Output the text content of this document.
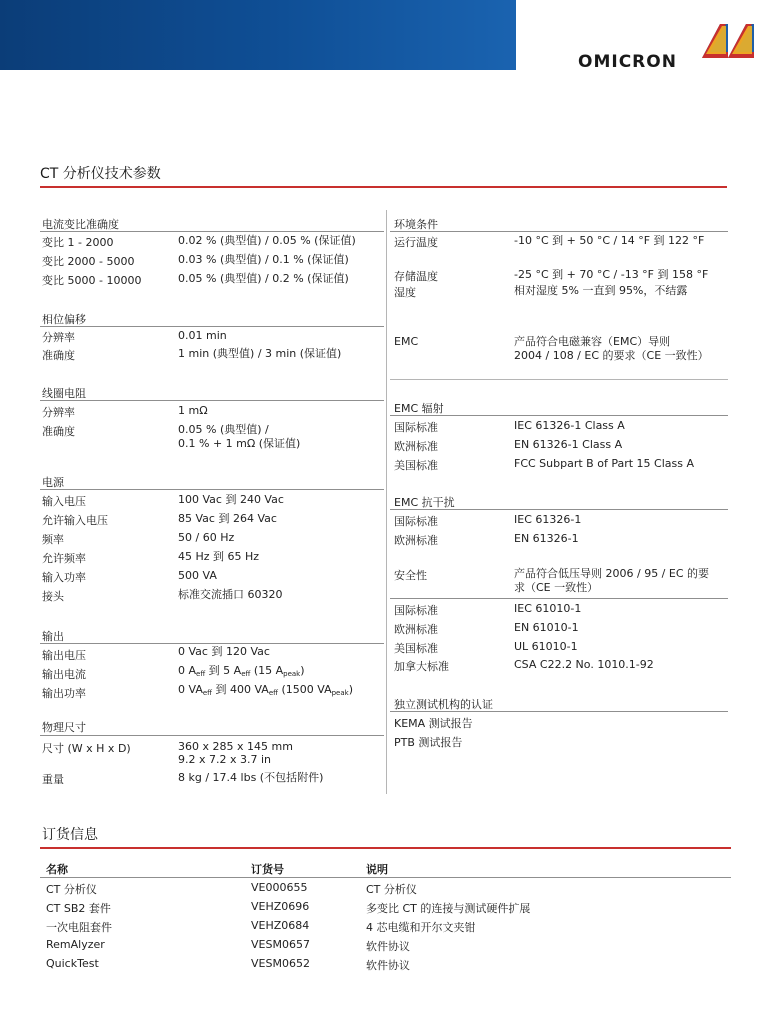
OMICRON
CT 分析仪技术参数
电流变比准确度
变比 1 - 2000	0.02 % (典型值) / 0.05 % (保证值)
变比 2000 - 5000	0.03 % (典型值) / 0.1 % (保证值)
变比 5000 - 10000	0.05 % (典型值) / 0.2 % (保证值)
相位偏移
分辨率	0.01 min
准确度	1 min (典型值) / 3 min (保证值)
线圈电阻
分辨率	1 mΩ
准确度	0.05 % (典型值) /
0.1 % + 1 mΩ (保证值)
电源
输入电压	100 Vac 到 240 Vac
允许输入电压	85 Vac 到 264 Vac
频率	50 / 60 Hz
允许频率	45 Hz 到 65 Hz
输入功率	500 VA
接头	标准交流插口 60320
输出
输出电压	0 Vac 到 120 Vac
输出电流	0 $A_{eff}$ 到 5 $A_{eff}$ (15 $A_{peak}$)
输出功率	0 $VA_{eff}$ 到 400 $VA_{eff}$ (1500 $VA_{peak}$)
物理尺寸
尺寸 (W x H x D)	360 x 285 x 145 mm
9.2 x 7.2 x 3.7 in
重量	8 kg / 17.4 lbs (不包括附件)
环境条件
运行温度	-10 °C 到 + 50 °C / 14 °F 到 122 °F
存储温度	-25 °C 到 + 70 °C / -13 °F 到 158 °F
湿度	相对湿度 5% 一直到 95%，不结露
EMC	产品符合电磁兼容（EMC）导则
2004 / 108 / EC 的要求（CE 一致性）
EMC 辐射
国际标准	IEC 61326-1 Class A
欧洲标准	EN 61326-1 Class A
美国标准	FCC Subpart B of Part 15 Class A
EMC 抗干扰
国际标准	IEC 61326-1
欧洲标准	EN 61326-1
安全性	产品符合低压导则 2006 / 95 / EC 的要
求（CE 一致性）
国际标准	IEC 61010-1
欧洲标准	EN 61010-1
美国标准	UL 61010-1
加拿大标准	CSA C22.2 No. 1010.1-92
独立测试机构的认证
KEMA 测试报告
PTB 测试报告
订货信息
名称	订货号	说明
CT 分析仪	VE000655	CT 分析仪
CT SB2 套件	VEHZ0696	多变比 CT 的连接与测试硬件扩展
一次电阻套件	VEHZ0684	4 芯电缆和开尔文夹钳
RemAlyzer	VESM0657	软件协议
QuickTest	VESM0652	软件协议
